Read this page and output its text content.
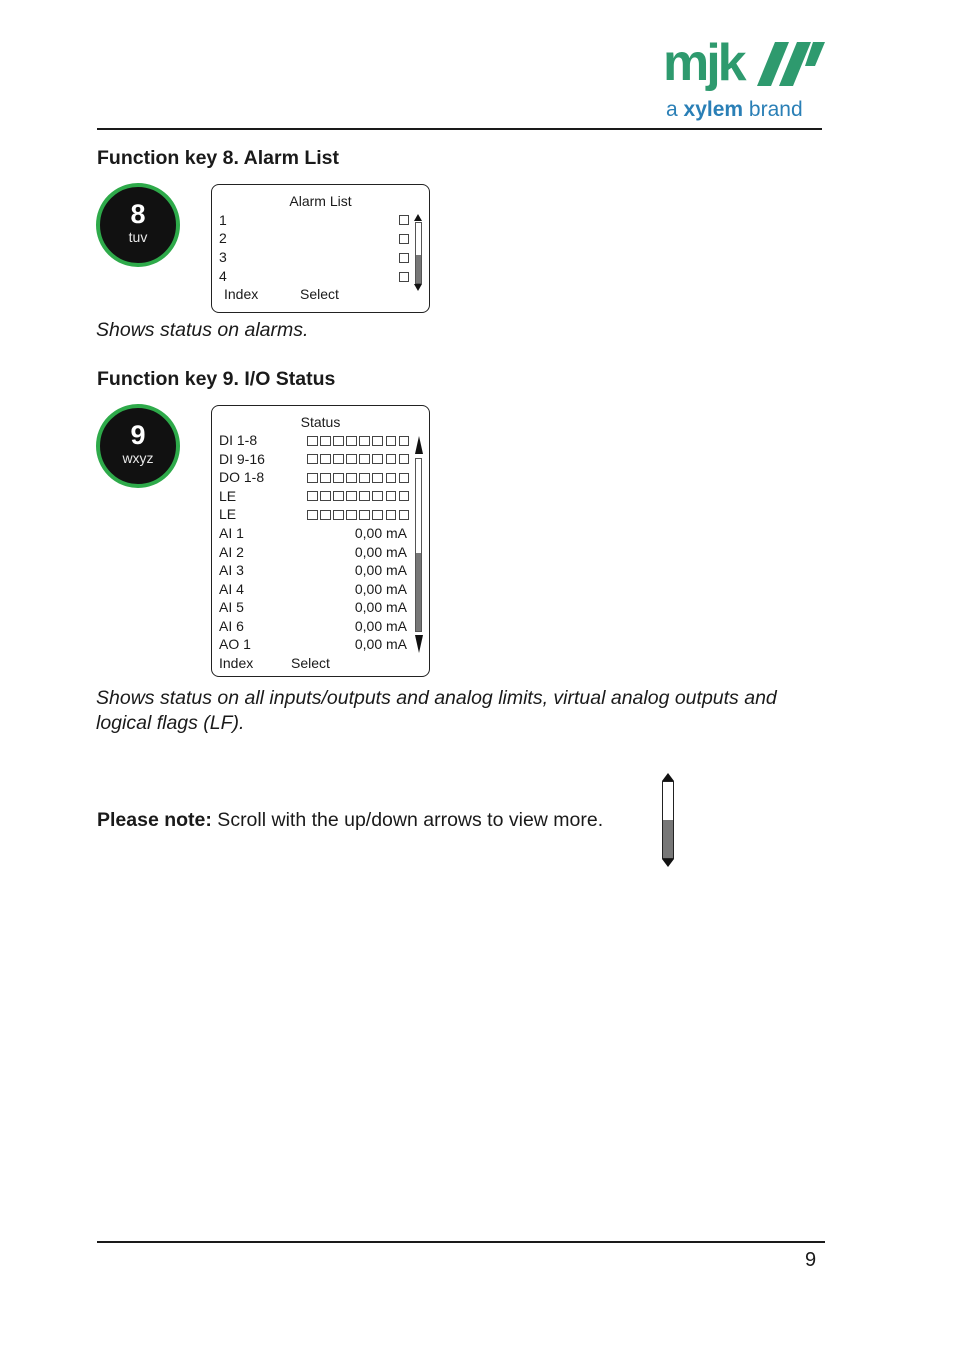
mjk
a xylem brand
Function key 8. Alarm List
8
tuv
Alarm List
1
2
3
4
Index	Select
Shows status on alarms.
Function key 9. I/O Status
9
wxyz
Status
DI 1-8
DI 9-16
DO 1-8
LE
LE
AI 1	0,00 mA
AI 2	0,00 mA
AI 3	0,00 mA
AI 4	0,00 mA
AI 5	0,00 mA
AI 6	0,00 mA
AO 1	0,00 mA
Index	Select
Shows status on all inputs/outputs and analog limits, virtual analog outputs and logical flags (LF).
Please note: Scroll with the up/down arrows to view more.
9
